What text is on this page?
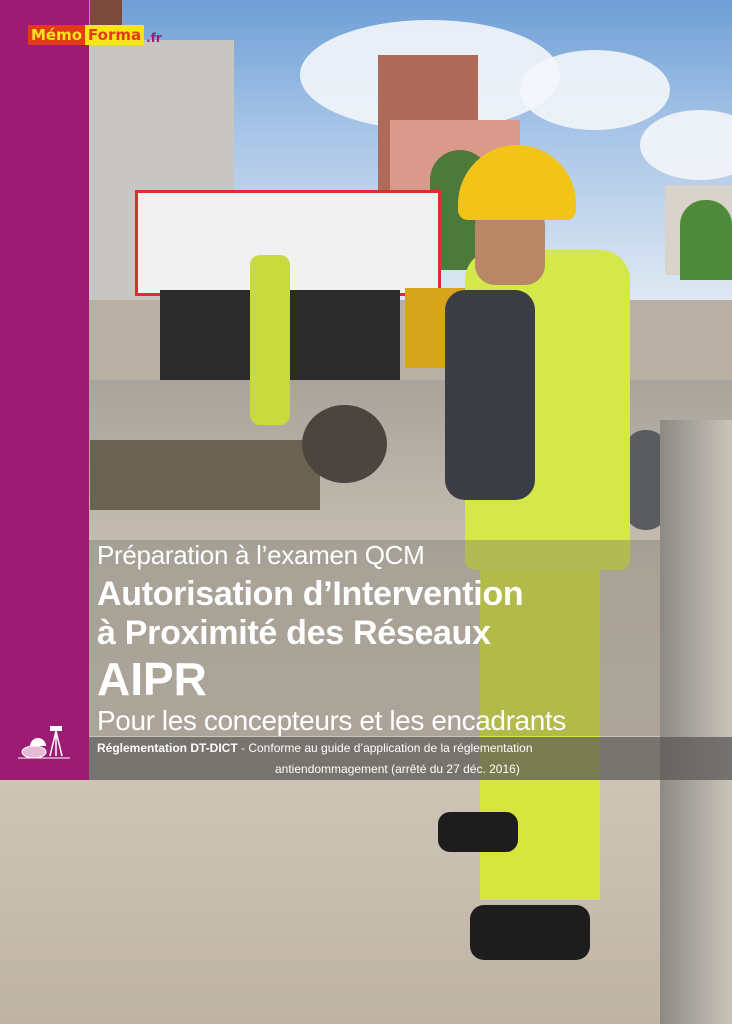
Mémo Forma .fr
Préparation à l’examen QCM
Autorisation d’Intervention
à Proximité des Réseaux
AIPR
Pour les concepteurs et les encadrants
Réglementation DT-DICT - Conforme au guide d’application de la réglementation
antiendommagement (arrêté du 27 déc. 2016)
